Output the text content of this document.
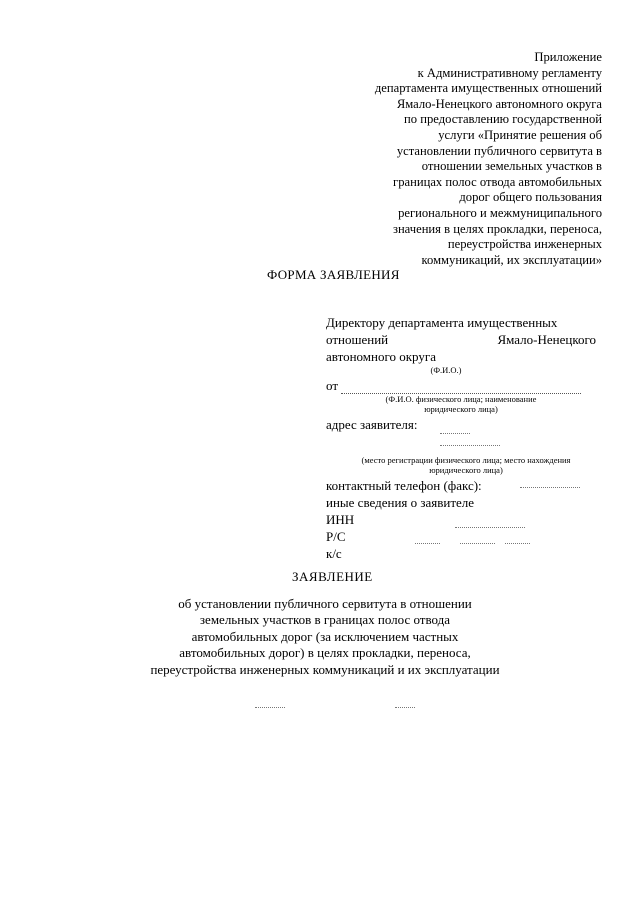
Приложение
к Административному регламенту
департамента имущественных отношений
Ямало-Ненецкого автономного округа
по предоставлению государственной
услуги «Принятие решения об
установлении публичного сервитута в
отношении земельных участков в
границах полос отвода автомобильных
дорог общего пользования
регионального и межмуниципального
значения в целях прокладки, переноса,
переустройства инженерных
коммуникаций, их эксплуатации»
ФОРМА ЗАЯВЛЕНИЯ
Директору департамента имущественных
отношений	Ямало-Ненецкого
автономного округа
(Ф.И.О.)
от
(Ф.И.О. физического лица; наименование
юридического лица)
адрес заявителя:
(место регистрации физического лица; место нахождения
юридического лица)
контактный телефон (факс):
иные сведения о заявителе
ИНН
Р/С
к/с
ЗАЯВЛЕНИЕ
об установлении публичного сервитута в отношении
земельных участков в границах полос отвода
автомобильных дорог (за исключением частных
автомобильных дорог) в целях прокладки, переноса,
переустройства инженерных коммуникаций и их эксплуатации
